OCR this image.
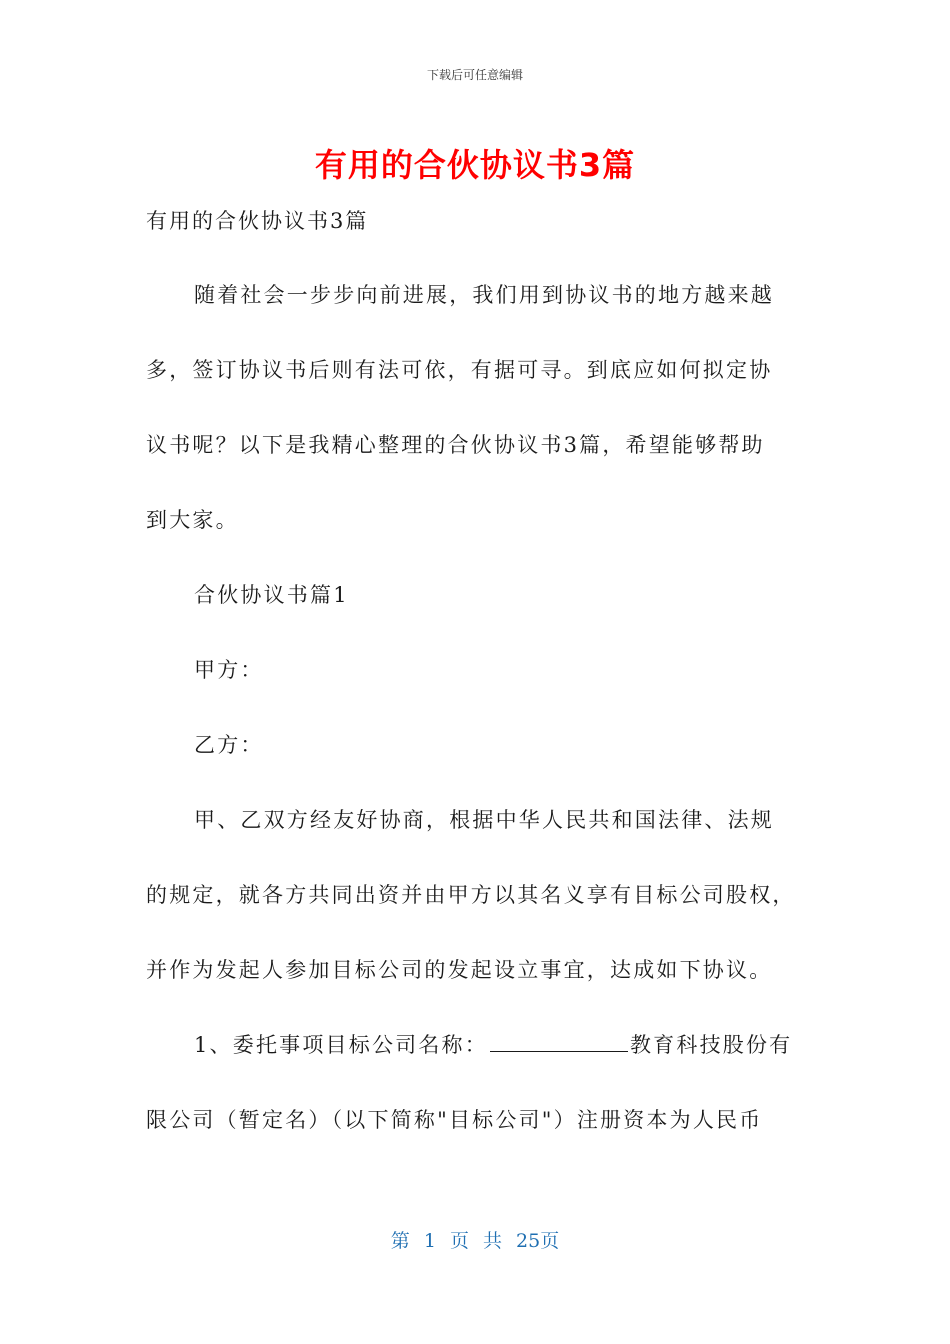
下载后可任意编辑
有用的合伙协议书3篇
有用的合伙协议书3篇
随着社会一步步向前进展，我们用到协议书的地方越来越
多，签订协议书后则有法可依，有据可寻。到底应如何拟定协
议书呢？以下是我精心整理的合伙协议书3篇，希望能够帮助
到大家。
合伙协议书篇1
甲方：
乙方：
甲、乙双方经友好协商，根据中华人民共和国法律、法规
的规定，就各方共同出资并由甲方以其名义享有目标公司股权，
并作为发起人参加目标公司的发起设立事宜，达成如下协议。
1、委托事项目标公司名称：	教育科技股份有
限公司（暂定名）（以下简称"目标公司"）注册资本为人民币
第 1 页 共 25页
